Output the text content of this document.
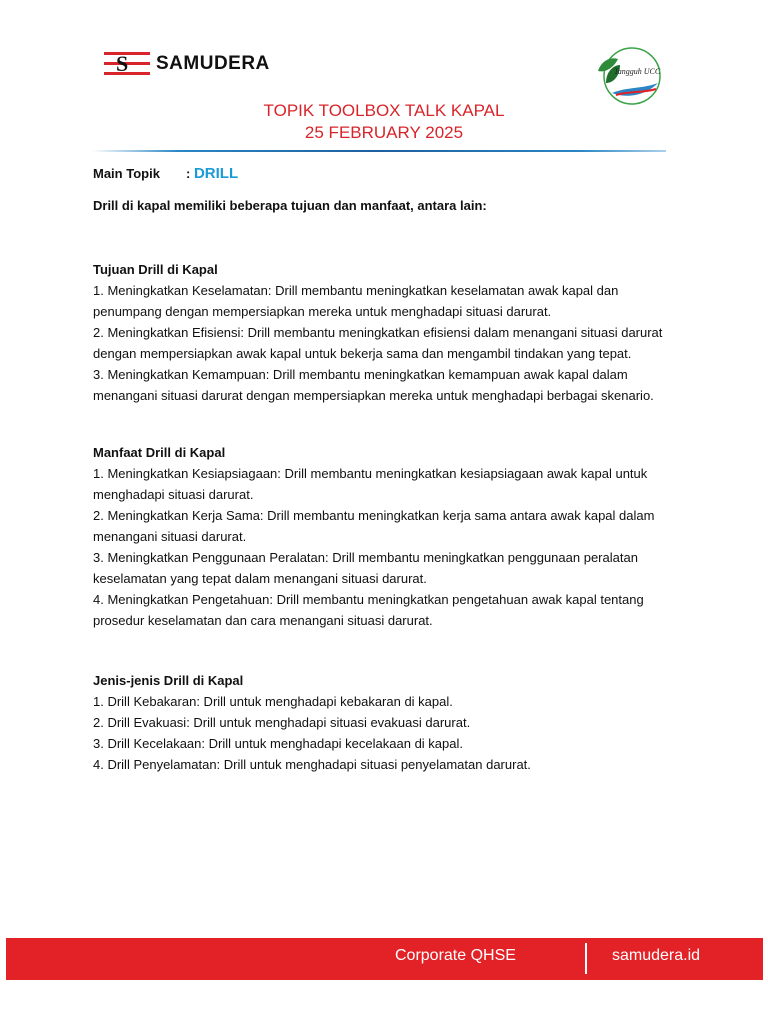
S SAMUDERA	Tangguh UCC
TOPIK TOOLBOX TALK KAPAL
25 FEBRUARY 2025
Main Topik : DRILL
Drill di kapal memiliki beberapa tujuan dan manfaat, antara lain:
Tujuan Drill di Kapal

1. Meningkatkan Keselamatan: Drill membantu meningkatkan keselamatan awak kapal dan penumpang dengan mempersiapkan mereka untuk menghadapi situasi darurat.

2. Meningkatkan Efisiensi: Drill membantu meningkatkan efisiensi dalam menangani situasi darurat dengan mempersiapkan awak kapal untuk bekerja sama dan mengambil tindakan yang tepat.

3. Meningkatkan Kemampuan: Drill membantu meningkatkan kemampuan awak kapal dalam menangani situasi darurat dengan mempersiapkan mereka untuk menghadapi berbagai skenario.

Manfaat Drill di Kapal

1. Meningkatkan Kesiapsiagaan: Drill membantu meningkatkan kesiapsiagaan awak kapal untuk menghadapi situasi darurat.

2. Meningkatkan Kerja Sama: Drill membantu meningkatkan kerja sama antara awak kapal dalam menangani situasi darurat.

3. Meningkatkan Penggunaan Peralatan: Drill membantu meningkatkan penggunaan peralatan keselamatan yang tepat dalam menangani situasi darurat.

4. Meningkatkan Pengetahuan: Drill membantu meningkatkan pengetahuan awak kapal tentang prosedur keselamatan dan cara menangani situasi darurat.

Jenis-jenis Drill di Kapal

1. Drill Kebakaran: Drill untuk menghadapi kebakaran di kapal.

2. Drill Evakuasi: Drill untuk menghadapi situasi evakuasi darurat.

3. Drill Kecelakaan: Drill untuk menghadapi kecelakaan di kapal.

4. Drill Penyelamatan: Drill untuk menghadapi situasi penyelamatan darurat.

Corporate QHSE	samudera.id
